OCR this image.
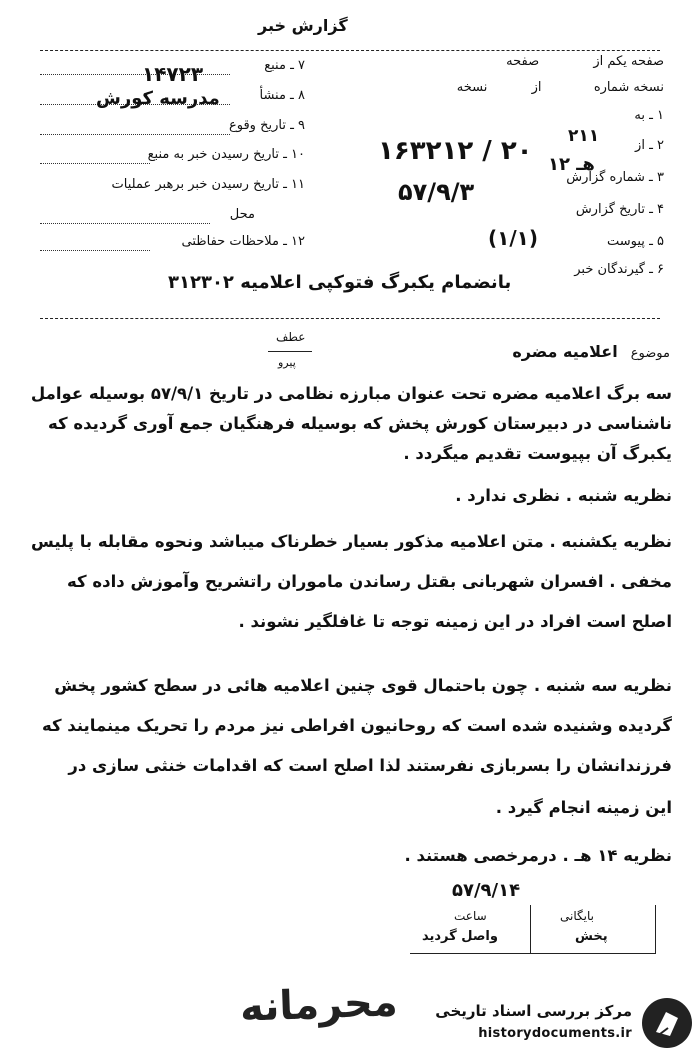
گزارش خبر
صفحه یکم از  صفحه
نسخه شماره  از  نسخه
۱ ـ به
۲ ـ از
۳ ـ شماره گزارش
۴ ـ تاریخ گزارش
۵ ـ پیوست
۶ ـ گیرندگان خبر
۲۱۱
۱۲ هـ
۱۶۳۲۱۲ / ۲۰
۵۷/۹/۳
(۱/۱)
۷ ـ منبع
۸ ـ منشأ
۹ ـ تاریخ وقوع
۱۰ ـ تاریخ رسیدن خبر به منبع
۱۱ ـ تاریخ رسیدن خبر برهبر عملیات
محل
۱۲ ـ ملاحظات حفاظتی
۱۴۷۲۳
مدرسه کورش
بانضمام یکبرگ فتوکپی اعلامیه ۳۱۲۳۰۲
عطف
پیرو
موضوع اعلامیه مضره
سه برگ اعلامیه مضره تحت عنوان مبارزه نظامی در تاریخ ۵۷/۹/۱ بوسیله عوامل
ناشناسی در دبیرستان کورش پخش که بوسیله فرهنگیان جمع آوری گردیده که
یکبرگ آن بپیوست تقدیم میگردد .
نظریه شنبه . نظری ندارد .
نظریه یکشنبه . متن اعلامیه مذکور بسیار خطرناک میباشد ونحوه مقابله با پلیس
مخفی . افسران شهربانی بقتل رساندن ماموران راتشریح وآموزش داده که
اصلح است افراد در این زمینه توجه تا غافلگیر نشوند .
نظریه سه شنبه . چون باحتمال قوی چنین اعلامیه هائی در سطح کشور پخش
گردیده وشنیده شده است که روحانیون افراطی نیز مردم را تحریک مینمایند که
فرزندانشان را بسربازی نفرستند لذا اصلح است که اقدامات خنثی سازی در
این زمینه انجام گیرد .
نظریه ۱۴ هـ . درمرخصی هستند .
۵۷/۹/۱۴
بایگانی
ساعت
واصل گردید	پخش
محرمانه مرکز بررسی اسناد تاریخی
historydocuments.ir
